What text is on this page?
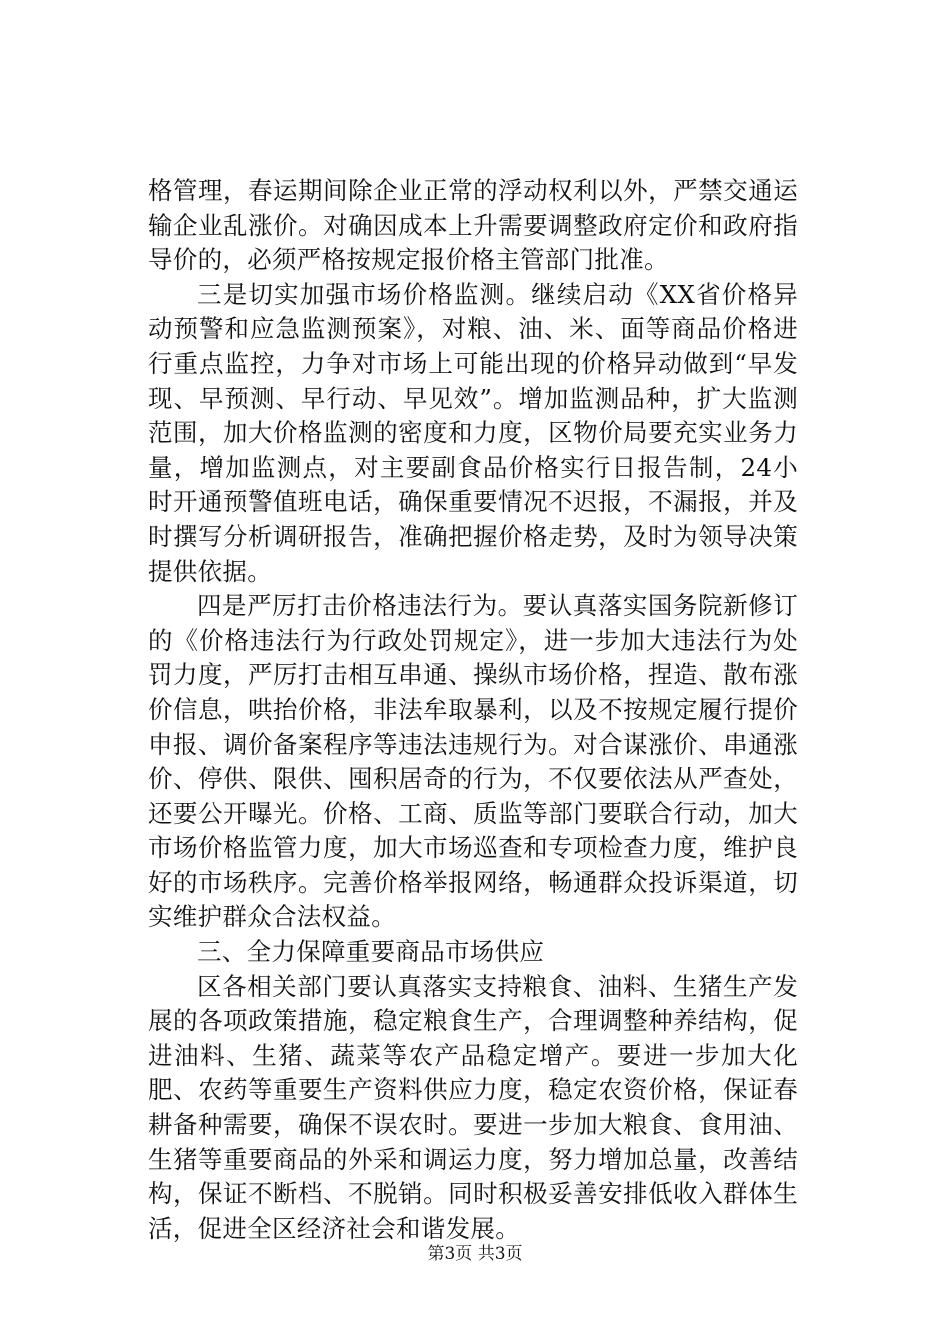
格管理，春运期间除企业正常的浮动权利以外，严禁交通运输企业乱涨价。对确因成本上升需要调整政府定价和政府指导价的，必须严格按规定报价格主管部门批准。

三是切实加强市场价格监测。继续启动《XX省价格异动预警和应急监测预案》，对粮、油、米、面等商品价格进行重点监控，力争对市场上可能出现的价格异动做到“早发现、早预测、早行动、早见效”。增加监测品种，扩大监测范围，加大价格监测的密度和力度，区物价局要充实业务力量，增加监测点，对主要副食品价格实行日报告制，24小时开通预警值班电话，确保重要情况不迟报，不漏报，并及时撰写分析调研报告，准确把握价格走势，及时为领导决策提供依据。

四是严厉打击价格违法行为。要认真落实国务院新修订的《价格违法行为行政处罚规定》，进一步加大违法行为处罚力度，严厉打击相互串通、操纵市场价格，捏造、散布涨价信息，哄抬价格，非法牟取暴利，以及不按规定履行提价申报、调价备案程序等违法违规行为。对合谋涨价、串通涨价、停供、限供、囤积居奇的行为，不仅要依法从严查处，还要公开曝光。价格、工商、质监等部门要联合行动，加大市场价格监管力度，加大市场巡查和专项检查力度，维护良好的市场秩序。完善价格举报网络，畅通群众投诉渠道，切实维护群众合法权益。

三、全力保障重要商品市场供应

区各相关部门要认真落实支持粮食、油料、生猪生产发展的各项政策措施，稳定粮食生产，合理调整种养结构，促进油料、生猪、蔬菜等农产品稳定增产。要进一步加大化肥、农药等重要生产资料供应力度，稳定农资价格，保证春耕备种需要，确保不误农时。要进一步加大粮食、食用油、生猪等重要商品的外采和调运力度，努力增加总量，改善结构，保证不断档、不脱销。同时积极妥善安排低收入群体生活，促进全区经济社会和谐发展。

第3页 共3页
